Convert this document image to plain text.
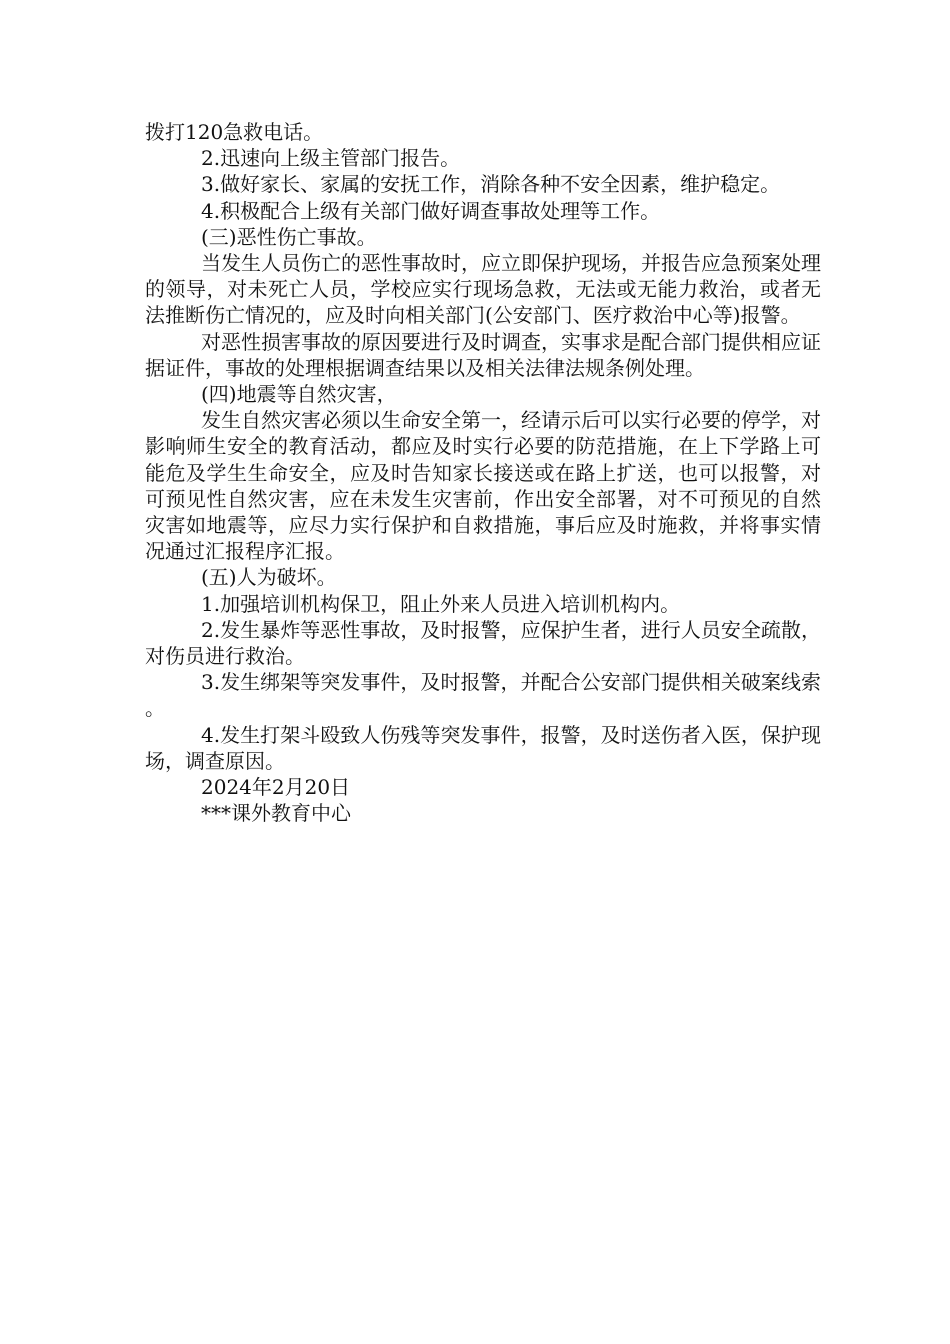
拨打120急救电话。

2.迅速向上级主管部门报告。

3.做好家长、家属的安抚工作，消除各种不安全因素，维护稳定。

4.积极配合上级有关部门做好调查事故处理等工作。

(三)恶性伤亡事故。

当发生人员伤亡的恶性事故时，应立即保护现场，并报告应急预案处理的领导，对未死亡人员，学校应实行现场急救，无法或无能力救治，或者无法推断伤亡情况的，应及时向相关部门(公安部门、医疗救治中心等)报警。

对恶性损害事故的原因要进行及时调查，实事求是配合部门提供相应证据证件，事故的处理根据调查结果以及相关法律法规条例处理。

(四)地震等自然灾害，

发生自然灾害必须以生命安全第一，经请示后可以实行必要的停学，对影响师生安全的教育活动，都应及时实行必要的防范措施，在上下学路上可能危及学生生命安全，应及时告知家长接送或在路上扩送，也可以报警，对可预见性自然灾害，应在未发生灾害前，作出安全部署，对不可预见的自然灾害如地震等，应尽力实行保护和自救措施，事后应及时施救，并将事实情况通过汇报程序汇报。

(五)人为破坏。

1.加强培训机构保卫，阻止外来人员进入培训机构内。

2.发生暴炸等恶性事故，及时报警，应保护生者，进行人员安全疏散，对伤员进行救治。

3.发生绑架等突发事件，及时报警，并配合公安部门提供相关破案线索。

4.发生打架斗殴致人伤残等突发事件，报警，及时送伤者入医，保护现场，调查原因。

2024年2月20日

***课外教育中心
